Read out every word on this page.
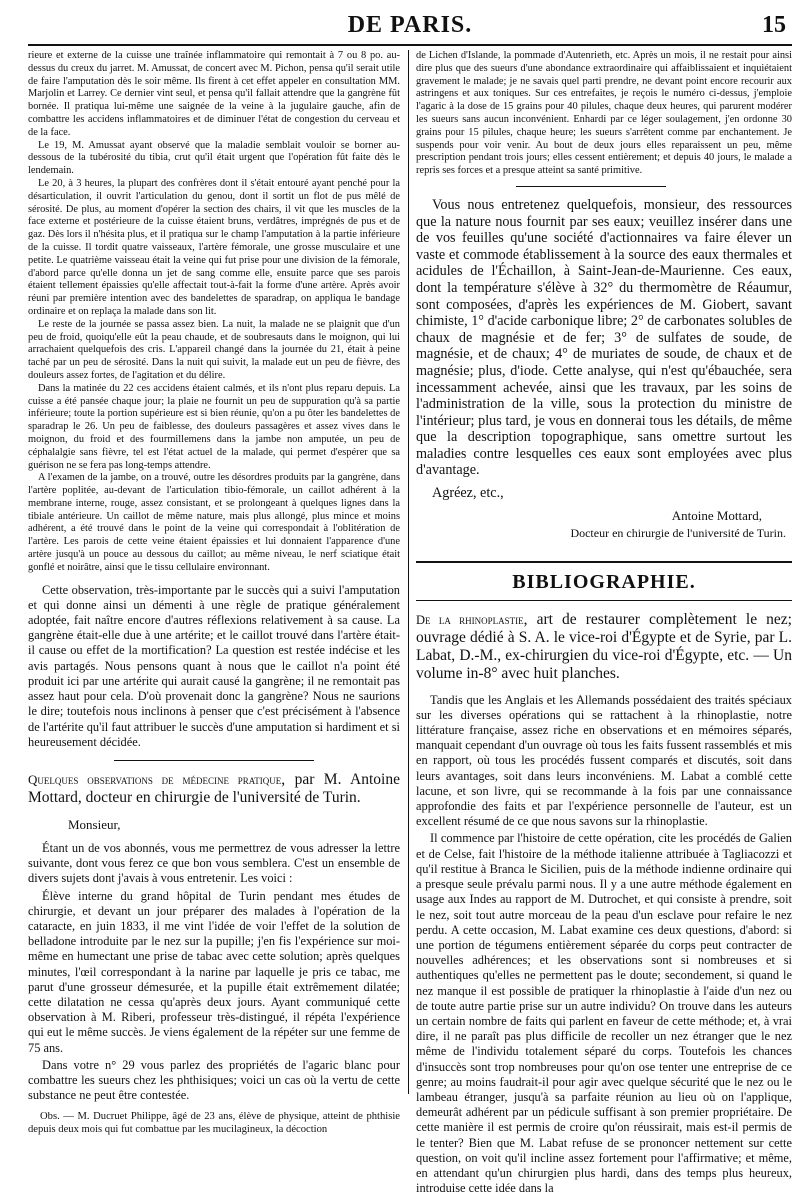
DE PARIS.	15

rieure et externe de la cuisse une traînée inflammatoire qui remontait à 7 ou 8 po. au-dessus du creux du jarret. M. Amussat, de concert avec M. Pichon, pensa qu'il serait utile de faire l'amputation dès le soir même. Ils firent à cet effet appeler en consultation MM. Marjolin et Larrey. Ce dernier vint seul, et pensa qu'il fallait attendre que la gangrène fût bornée. Il pratiqua lui-même une saignée de la veine à la jugulaire gauche, afin de combattre les accidens inflammatoires et de diminuer l'état de congestion du cerveau et de la face.

Le 19, M. Amussat ayant observé que la maladie semblait vouloir se borner au-dessous de la tubérosité du tibia, crut qu'il était urgent que l'opération fût faite dès le lendemain.

Le 20, à 3 heures, la plupart des confrères dont il s'était entouré ayant penché pour la désarticulation, il ouvrit l'articulation du genou, dont il sortit un flot de pus mêlé de sérosité. De plus, au moment d'opérer la section des chairs, il vit que les muscles de la face externe et postérieure de la cuisse étaient bruns, verdâtres, imprégnés de pus et de gaz. Dès lors il n'hésita plus, et il pratiqua sur le champ l'amputation à la partie inférieure de la cuisse. Il tordit quatre vaisseaux, l'artère fémorale, une grosse musculaire et une petite. Le quatrième vaisseau était la veine qui fut prise pour une division de la fémorale, d'abord parce qu'elle donna un jet de sang comme elle, ensuite parce que ses parois étaient tellement épaissies qu'elle affectait tout-à-fait la forme d'une artère. Après avoir réuni par première intention avec des bandelettes de sparadrap, on appliqua le bandage ordinaire et on replaça la malade dans son lit.

Le reste de la journée se passa assez bien. La nuit, la malade ne se plaignit que d'un peu de froid, quoiqu'elle eût la peau chaude, et de soubresauts dans le moignon, qui lui arrachaient quelquefois des cris. L'appareil changé dans la journée du 21, était à peine taché par un peu de sérosité. Dans la nuit qui suivit, la malade eut un peu de fièvre, des douleurs assez fortes, de l'agitation et du délire.

Dans la matinée du 22 ces accidens étaient calmés, et ils n'ont plus reparu depuis. La cuisse a été pansée chaque jour; la plaie ne fournit un peu de suppuration qu'à sa partie inférieure; toute la portion supérieure est si bien réunie, qu'on a pu ôter les bandelettes de sparadrap le 26. Un peu de faiblesse, des douleurs passagères et assez vives dans le moignon, du froid et des fourmillemens dans la jambe non amputée, un peu de céphalalgie sans fièvre, tel est l'état actuel de la malade, qui permet d'espérer que sa guérison ne se fera pas long-temps attendre.

A l'examen de la jambe, on a trouvé, outre les désordres produits par la gangrène, dans l'artère poplitée, au-devant de l'articulation tibio-fémorale, un caillot adhérent à la membrane interne, rouge, assez consistant, et se prolongeant à quelques lignes dans la tibiale antérieure. Un caillot de même nature, mais plus allongé, plus mince et moins adhérent, a été trouvé dans le point de la veine qui correspondait à l'oblitération de l'artère. Les parois de cette veine étaient épaissies et lui donnaient l'apparence d'une artère jusqu'à un pouce au dessous du caillot; au même niveau, le nerf sciatique était gonflé et noirâtre, ainsi que le tissu cellulaire environnant.

Cette observation, très-importante par le succès qui a suivi l'amputation et qui donne ainsi un démenti à une règle de pratique généralement adoptée, fait naître encore d'autres réflexions relativement à sa cause. La gangrène était-elle due à une artérite; et le caillot trouvé dans l'artère était-il cause ou effet de la mortification? La question est restée indécise et les avis partagés. Nous pensons quant à nous que le caillot n'a point été produit ici par une artérite qui aurait causé la gangrène; il ne remontait pas assez haut pour cela. D'où provenait donc la gangrène? Nous ne saurions le dire; toutefois nous inclinons à penser que c'est précisément à l'absence de l'artérite qu'il faut attribuer le succès d'une amputation si hardiment et si heureusement décidée.

Quelques observations de médecine pratique, par M. Antoine Mottard, docteur en chirurgie de l'université de Turin.
Monsieur,

Étant un de vos abonnés, vous me permettrez de vous adresser la lettre suivante, dont vous ferez ce que bon vous semblera. C'est un ensemble de divers sujets dont j'avais à vous entretenir. Les voici :

Élève interne du grand hôpital de Turin pendant mes études de chirurgie, et devant un jour préparer des malades à l'opération de la cataracte, en juin 1833, il me vint l'idée de voir l'effet de la solution de belladone introduite par le nez sur la pupille; j'en fis l'expérience sur moi-même en humectant une prise de tabac avec cette solution; après quelques minutes, l'œil correspondant à la narine par laquelle je pris ce tabac, me parut d'une grosseur démesurée, et la pupille était extrêmement dilatée; cette dilatation ne cessa qu'après deux jours. Ayant communiqué cette observation à M. Riberi, professeur très-distingué, il répéta l'expérience qui eut le même succès. Je viens également de la répéter sur une femme de 75 ans.

Dans votre n° 29 vous parlez des propriétés de l'agaric blanc pour combattre les sueurs chez les phthisiques; voici un cas où la vertu de cette substance ne peut être contestée.

Obs. — M. Ducruet Philippe, âgé de 23 ans, élève de physique, atteint de phthisie depuis deux mois qui fut combattue par les mucilagineux, la décoction

de Lichen d'Islande, la pommade d'Autenrieth, etc. Après un mois, il ne restait pour ainsi dire plus que des sueurs d'une abondance extraordinaire qui affaiblissaient et inquiétaient gravement le malade; je ne savais quel parti prendre, ne devant point encore recourir aux astringens et aux toniques. Sur ces entrefaites, je reçois le numéro ci-dessus, j'emploie l'agaric à la dose de 15 grains pour 40 pilules, chaque deux heures, qui parurent modérer les sueurs sans aucun inconvénient. Enhardi par ce léger soulagement, j'en ordonne 30 grains pour 15 pilules, chaque heure; les sueurs s'arrêtent comme par enchantement. Je suspends pour voir venir. Au bout de deux jours elles reparaissent un peu, même prescription pendant trois jours; elles cessent entièrement; et depuis 40 jours, le malade a repris ses forces et a presque atteint sa santé primitive.

Vous nous entretenez quelquefois, monsieur, des ressources que la nature nous fournit par ses eaux; veuillez insérer dans une de vos feuilles qu'une société d'actionnaires va faire élever un vaste et commode établissement à la source des eaux thermales et acidules de l'Échaillon, à Saint-Jean-de-Maurienne. Ces eaux, dont la température s'élève à 32° du thermomètre de Réaumur, sont composées, d'après les expériences de M. Giobert, savant chimiste, 1° d'acide carbonique libre; 2° de carbonates solubles de chaux de magnésie et de fer; 3° de sulfates de soude, de magnésie, et de chaux; 4° de muriates de soude, de chaux et de magnésie; plus, d'iode. Cette analyse, qui n'est qu'ébauchée, sera incessamment achevée, ainsi que les travaux, par les soins de l'administration de la ville, sous la protection du ministre de l'intérieur; plus tard, je vous en donnerai tous les détails, de même que la description topographique, sans omettre surtout les maladies contre lesquelles ces eaux sont employées avec plus d'avantage.

Agréez, etc.,

Antoine Mottard,
Docteur en chirurgie de l'université de Turin.
BIBLIOGRAPHIE.
De la rhinoplastie, art de restaurer complètement le nez; ouvrage dédié à S. A. le vice-roi d'Égypte et de Syrie, par L. Labat, D.-M., ex-chirurgien du vice-roi d'Égypte, etc. — Un volume in-8° avec huit planches.

Tandis que les Anglais et les Allemands possédaient des traités spéciaux sur les diverses opérations qui se rattachent à la rhinoplastie, notre littérature française, assez riche en observations et en mémoires séparés, manquait cependant d'un ouvrage où tous les faits fussent rassemblés et mis en rapport, où tous les procédés fussent comparés et discutés, soit dans leurs avantages, soit dans leurs inconvéniens. M. Labat a comblé cette lacune, et son livre, qui se recommande à la fois par une connaissance approfondie des faits et par l'expérience personnelle de l'auteur, est un excellent résumé de ce que nous savons sur la rhinoplastie.

Il commence par l'histoire de cette opération, cite les procédés de Galien et de Celse, fait l'histoire de la méthode italienne attribuée à Tagliacozzi et qu'il restitue à Branca le Sicilien, puis de la méthode indienne ordinaire qui a presque seule prévalu parmi nous. Il y a une autre méthode également en usage aux Indes au rapport de M. Dutrochet, et qui consiste à prendre, soit le nez, soit tout autre morceau de la peau d'un esclave pour refaire le nez perdu. A cette occasion, M. Labat examine ces deux questions, d'abord: si une portion de tégumens entièrement séparée du corps peut contracter de nouvelles adhérences; et les observations sont si nombreuses et si authentiques qu'elles ne permettent pas le doute; secondement, si quand le nez manque il est possible de pratiquer la rhinoplastie à l'aide d'un nez ou de toute autre partie prise sur un autre individu? On trouve dans les auteurs un certain nombre de faits qui parlent en faveur de cette méthode; et, à vrai dire, il ne paraît pas plus difficile de recoller un nez étranger que le nez même de l'individu totalement séparé du corps. Toutefois les chances d'insuccès sont trop nombreuses pour qu'on ose tenter une entreprise de ce genre; au moins faudrait-il pour agir avec quelque sécurité que le nez ou le lambeau étranger, jusqu'à sa parfaite réunion au lieu où on l'applique, demeurât adhérent par un pédicule suffisant à son premier propriétaire. De cette manière il est permis de croire qu'on réussirait, mais est-il permis de le tenter? Bien que M. Labat refuse de se prononcer nettement sur cette question, on voit qu'il incline assez fortement pour l'affirmative; et même, en attendant qu'un chirurgien plus hardi, dans des temps plus heureux, introduise cette idée dans la
